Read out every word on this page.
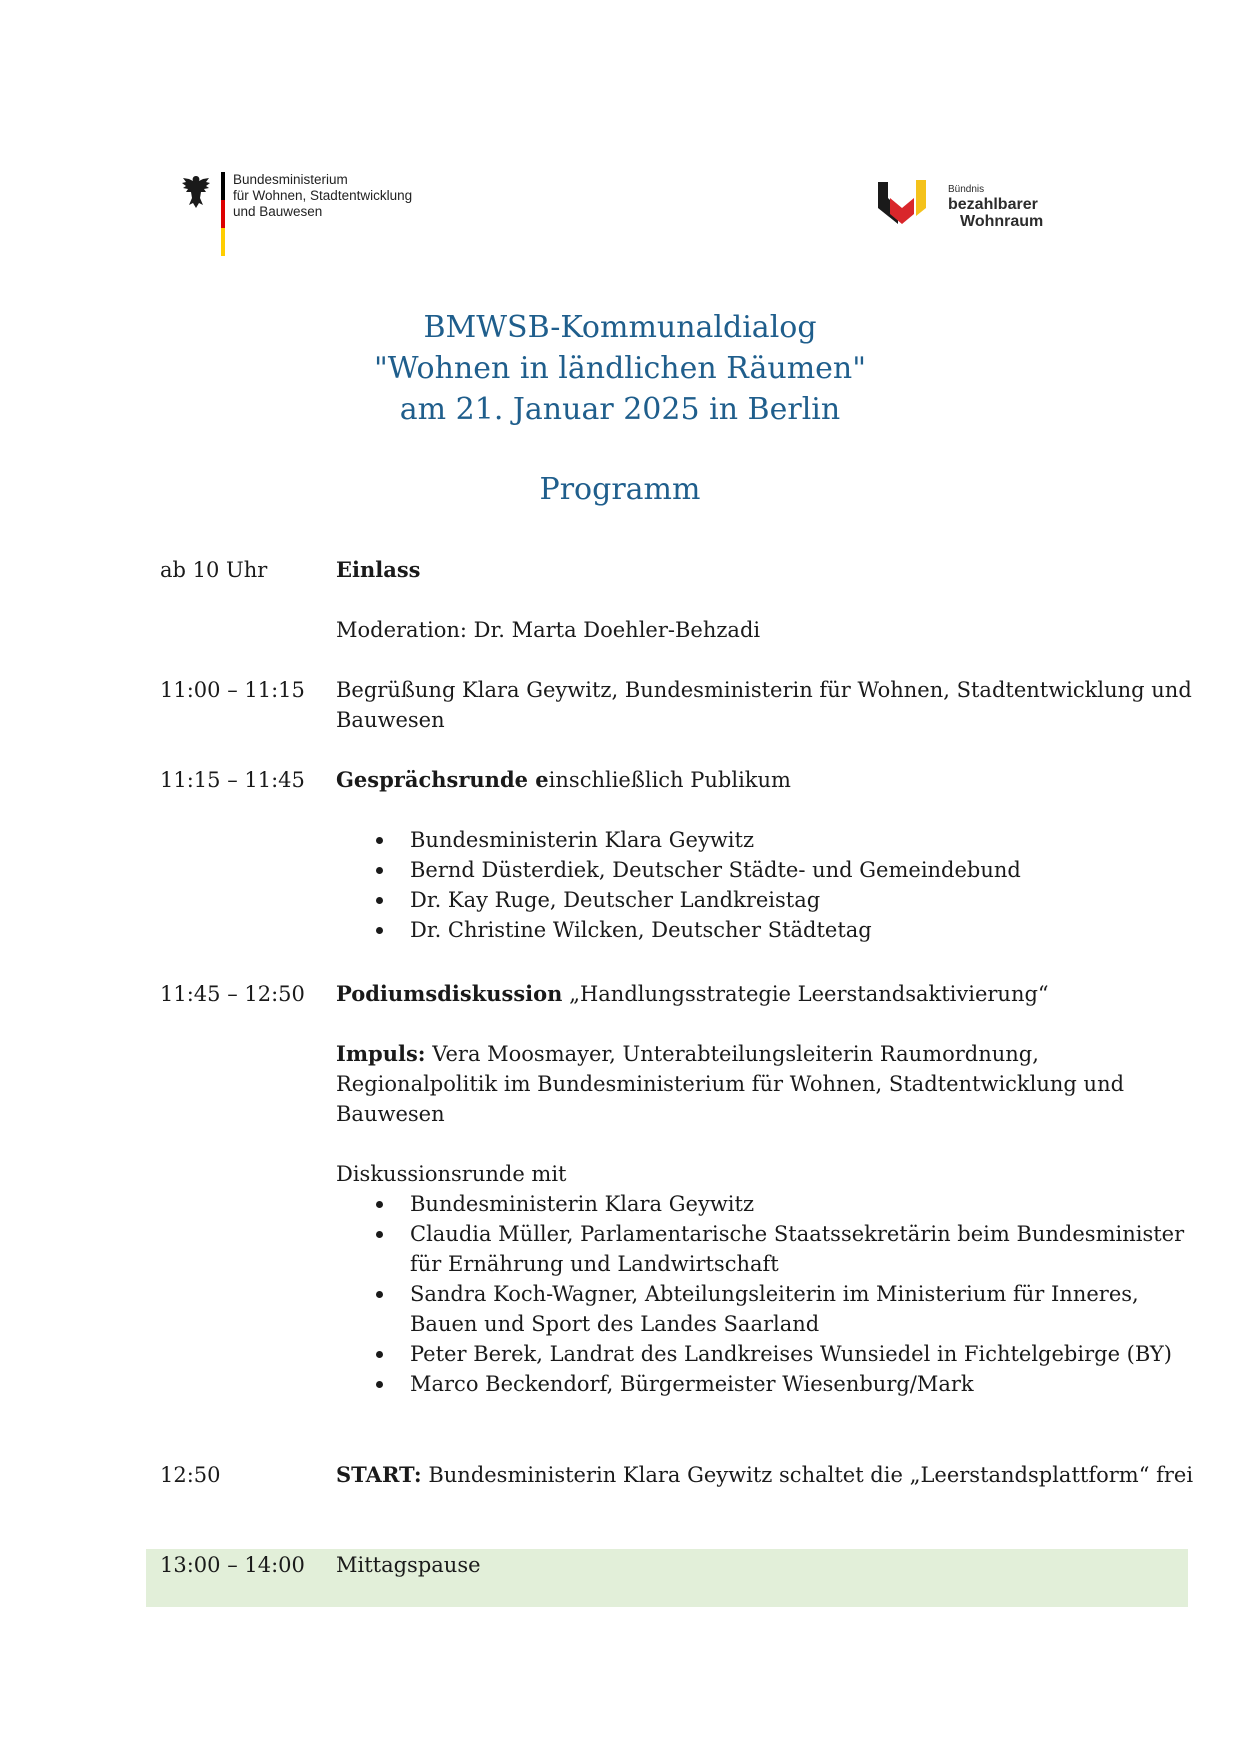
Bundesministerium
für Wohnen, Stadtentwicklung
und Bauwesen
Bündnis
bezahlbarer
Wohnraum
BMWSB-Kommunaldialog
"Wohnen in ländlichen Räumen"
am 21. Januar 2025 in Berlin
Programm
ab 10 Uhr	Einlass
Moderation: Dr. Marta Doehler-Behzadi
11:00 – 11:15	Begrüßung Klara Geywitz, Bundesministerin für Wohnen, Stadtentwicklung und Bauwesen
11:15 – 11:45	Gesprächsrunde einschließlich Publikum
Bundesministerin Klara Geywitz
Bernd Düsterdiek, Deutscher Städte- und Gemeindebund
Dr. Kay Ruge, Deutscher Landkreistag
Dr. Christine Wilcken, Deutscher Städtetag
11:45 – 12:50	Podiumsdiskussion „Handlungsstrategie Leerstandsaktivierung“
Impuls: Vera Moosmayer, Unterabteilungsleiterin Raumordnung, Regionalpolitik im Bundesministerium für Wohnen, Stadtentwicklung und Bauwesen
Diskussionsrunde mit
Bundesministerin Klara Geywitz
Claudia Müller, Parlamentarische Staatssekretärin beim Bundesminister für Ernährung und Landwirtschaft
Sandra Koch-Wagner, Abteilungsleiterin im Ministerium für Inneres, Bauen und Sport des Landes Saarland
Peter Berek, Landrat des Landkreises Wunsiedel in Fichtelgebirge (BY)
Marco Beckendorf, Bürgermeister Wiesenburg/Mark
12:50	START: Bundesministerin Klara Geywitz schaltet die „Leerstandsplattform“ frei
13:00 – 14:00	Mittagspause
